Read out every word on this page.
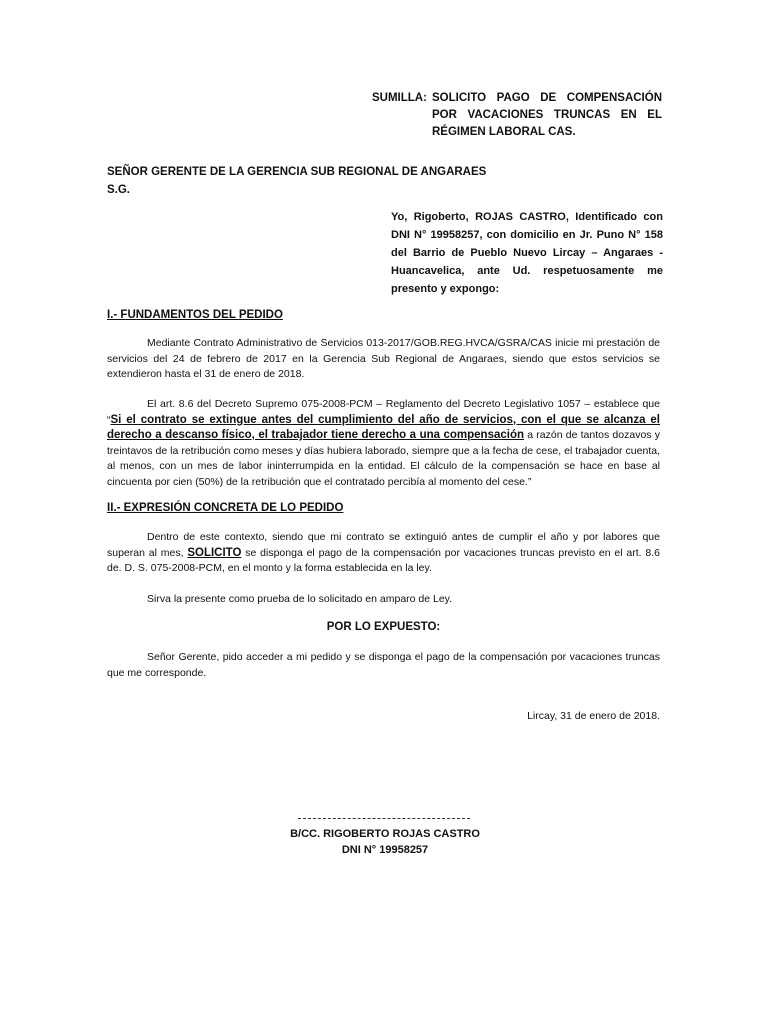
SUMILLA: SOLICITO PAGO DE COMPENSACIÓN POR VACACIONES TRUNCAS EN EL RÉGIMEN LABORAL CAS.
SEÑOR GERENTE DE LA GERENCIA SUB REGIONAL DE ANGARAES
S.G.
Yo, Rigoberto, ROJAS CASTRO, Identificado con DNI N° 19958257, con domicilio en Jr. Puno N° 158 del Barrio de Pueblo Nuevo Lircay – Angaraes - Huancavelica, ante Ud. respetuosamente me presento y expongo:
I.- FUNDAMENTOS DEL PEDIDO
Mediante Contrato Administrativo de Servicios 013-2017/GOB.REG.HVCA/GSRA/CAS inicie mi prestación de servicios del 24 de febrero de 2017 en la Gerencia Sub Regional de Angaraes, siendo que estos servicios se extendieron hasta el 31 de enero de 2018.
El art. 8.6 del Decreto Supremo 075-2008-PCM – Reglamento del Decreto Legislativo 1057 – establece que “Si el contrato se extingue antes del cumplimiento del año de servicios, con el que se alcanza el derecho a descanso físico, el trabajador tiene derecho a una compensación a razón de tantos dozavos y treintavos de la retribución como meses y días hubiera laborado, siempre que a la fecha de cese, el trabajador cuenta, al menos, con un mes de labor ininterrumpida en la entidad. El cálculo de la compensación se hace en base al cincuenta por cien (50%) de la retribución que el contratado percibía al momento del cese.”
II.- EXPRESIÓN CONCRETA DE LO PEDIDO
Dentro de este contexto, siendo que mi contrato se extinguió antes de cumplir el año y por labores que superan al mes, SOLICITO se disponga el pago de la compensación por vacaciones truncas previsto en el art. 8.6 de. D. S. 075-2008-PCM, en el monto y la forma establecida en la ley.
Sirva la presente como prueba de lo solicitado en amparo de Ley.
POR LO EXPUESTO:
Señor Gerente, pido acceder a mi pedido y se disponga el pago de la compensación por vacaciones truncas que me corresponde.
Lircay, 31 de enero de 2018.
B/CC. RIGOBERTO ROJAS CASTRO
DNI N° 19958257
